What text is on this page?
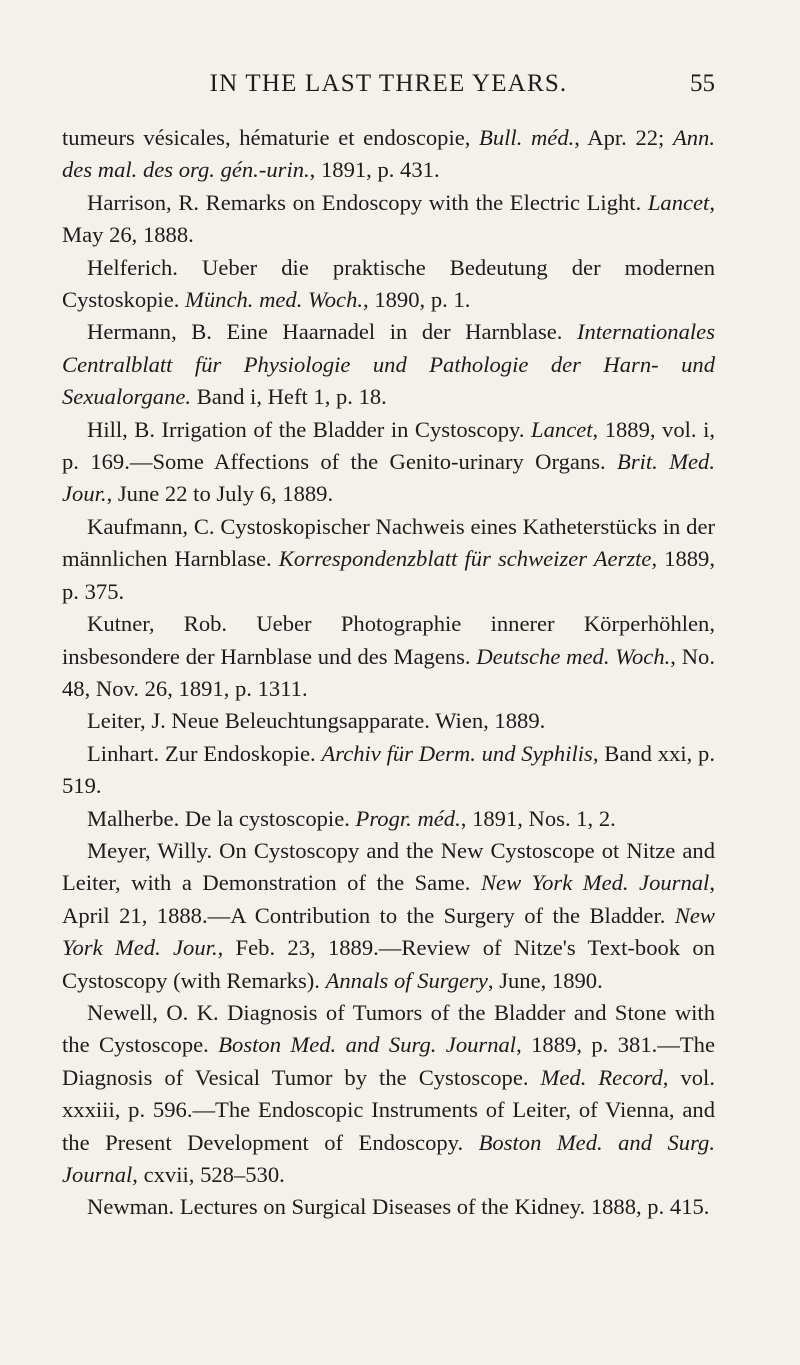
IN THE LAST THREE YEARS.	55

tumeurs vésicales, hématurie et endoscopie, Bull. méd., Apr. 22; Ann. des mal. des org. gén.-urin., 1891, p. 431.

Harrison, R. Remarks on Endoscopy with the Electric Light. Lancet, May 26, 1888.

Helferich. Ueber die praktische Bedeutung der modernen Cystoskopie. Münch. med. Woch., 1890, p. 1.

Hermann, B. Eine Haarnadel in der Harnblase. Internationales Centralblatt für Physiologie und Pathologie der Harn- und Sexualorgane. Band i, Heft 1, p. 18.

Hill, B. Irrigation of the Bladder in Cystoscopy. Lancet, 1889, vol. i, p. 169.—Some Affections of the Genito-urinary Organs. Brit. Med. Jour., June 22 to July 6, 1889.

Kaufmann, C. Cystoskopischer Nachweis eines Katheterstücks in der männlichen Harnblase. Korrespondenzblatt für schweizer Aerzte, 1889, p. 375.

Kutner, Rob. Ueber Photographie innerer Körperhöhlen, insbesondere der Harnblase und des Magens. Deutsche med. Woch., No. 48, Nov. 26, 1891, p. 1311.

Leiter, J. Neue Beleuchtungsapparate. Wien, 1889.

Linhart. Zur Endoskopie. Archiv für Derm. und Syphilis, Band xxi, p. 519.

Malherbe. De la cystoscopie. Progr. méd., 1891, Nos. 1, 2.

Meyer, Willy. On Cystoscopy and the New Cystoscope ot Nitze and Leiter, with a Demonstration of the Same. New York Med. Journal, April 21, 1888.—A Contribution to the Surgery of the Bladder. New York Med. Jour., Feb. 23, 1889.—Review of Nitze's Text-book on Cystoscopy (with Remarks). Annals of Surgery, June, 1890.

Newell, O. K. Diagnosis of Tumors of the Bladder and Stone with the Cystoscope. Boston Med. and Surg. Journal, 1889, p. 381.—The Diagnosis of Vesical Tumor by the Cystoscope. Med. Record, vol. xxxiii, p. 596.—The Endoscopic Instruments of Leiter, of Vienna, and the Present Development of Endoscopy. Boston Med. and Surg. Journal, cxvii, 528–530.

Newman. Lectures on Surgical Diseases of the Kidney. 1888, p. 415.
